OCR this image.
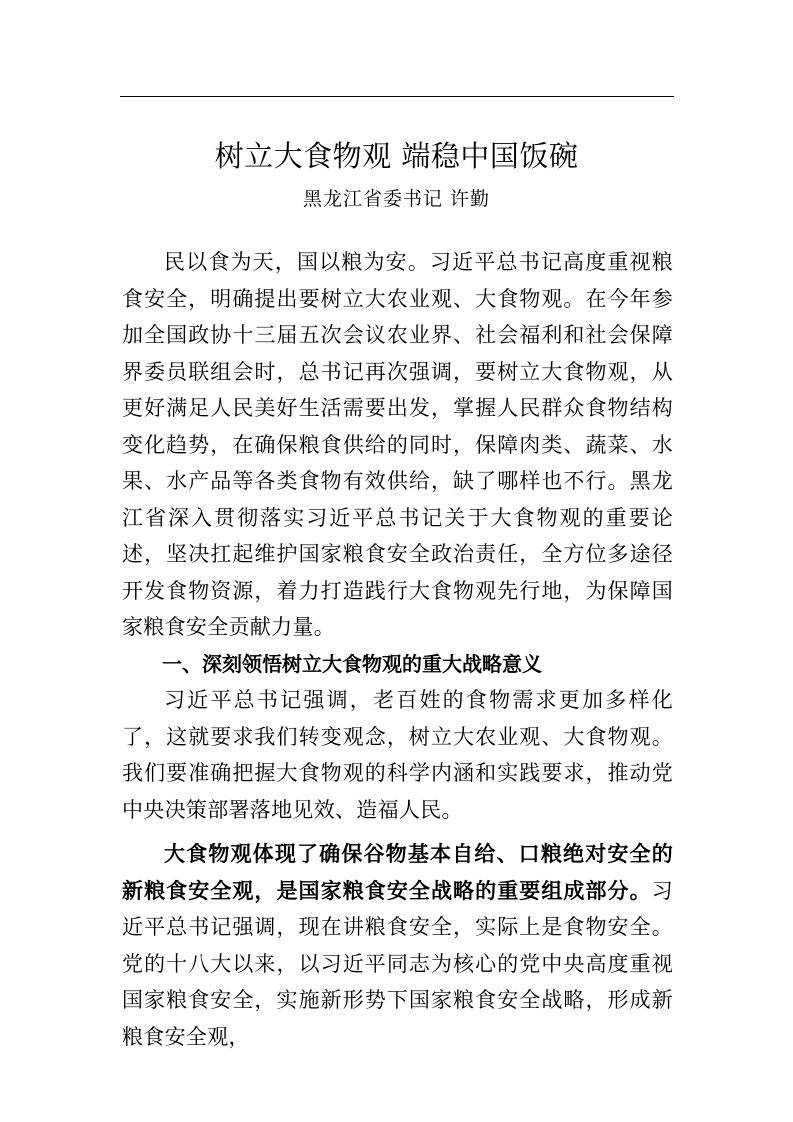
树立大食物观 端稳中国饭碗
黑龙江省委书记 许勤

民以食为天，国以粮为安。习近平总书记高度重视粮食安全，明确提出要树立大农业观、大食物观。在今年参加全国政协十三届五次会议农业界、社会福利和社会保障界委员联组会时，总书记再次强调，要树立大食物观，从更好满足人民美好生活需要出发，掌握人民群众食物结构变化趋势，在确保粮食供给的同时，保障肉类、蔬菜、水果、水产品等各类食物有效供给，缺了哪样也不行。黑龙江省深入贯彻落实习近平总书记关于大食物观的重要论述，坚决扛起维护国家粮食安全政治责任，全方位多途径开发食物资源，着力打造践行大食物观先行地，为保障国家粮食安全贡献力量。

一、深刻领悟树立大食物观的重大战略意义

习近平总书记强调，老百姓的食物需求更加多样化了，这就要求我们转变观念，树立大农业观、大食物观。我们要准确把握大食物观的科学内涵和实践要求，推动党中央决策部署落地见效、造福人民。

大食物观体现了确保谷物基本自给、口粮绝对安全的新粮食安全观，是国家粮食安全战略的重要组成部分。习近平总书记强调，现在讲粮食安全，实际上是食物安全。党的十八大以来，以习近平同志为核心的党中央高度重视国家粮食安全，实施新形势下国家粮食安全战略，形成新粮食安全观，
